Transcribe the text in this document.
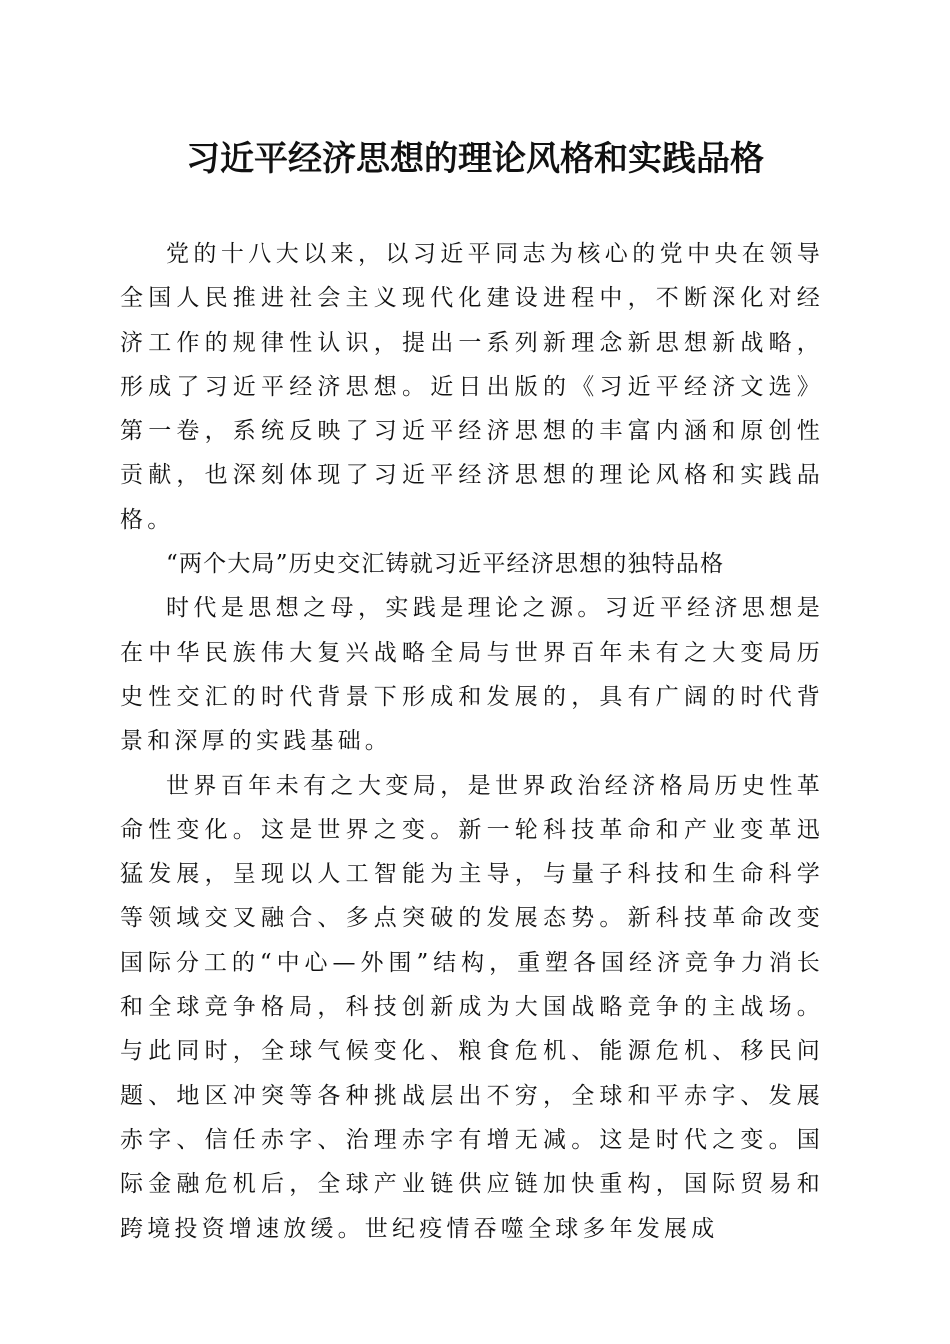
习近平经济思想的理论风格和实践品格

党的十八大以来，以习近平同志为核心的党中央在领导全国人民推进社会主义现代化建设进程中，不断深化对经济工作的规律性认识，提出一系列新理念新思想新战略，形成了习近平经济思想。近日出版的《习近平经济文选》第一卷，系统反映了习近平经济思想的丰富内涵和原创性贡献，也深刻体现了习近平经济思想的理论风格和实践品格。

“两个大局”历史交汇铸就习近平经济思想的独特品格

时代是思想之母，实践是理论之源。习近平经济思想是在中华民族伟大复兴战略全局与世界百年未有之大变局历史性交汇的时代背景下形成和发展的，具有广阔的时代背景和深厚的实践基础。

世界百年未有之大变局，是世界政治经济格局历史性革命性变化。这是世界之变。新一轮科技革命和产业变革迅猛发展，呈现以人工智能为主导，与量子科技和生命科学等领域交叉融合、多点突破的发展态势。新科技革命改变国际分工的“中心—外围”结构，重塑各国经济竞争力消长和全球竞争格局，科技创新成为大国战略竞争的主战场。与此同时，全球气候变化、粮食危机、能源危机、移民问题、地区冲突等各种挑战层出不穷，全球和平赤字、发展赤字、信任赤字、治理赤字有增无减。这是时代之变。国际金融危机后，全球产业链供应链加快重构，国际贸易和跨境投资增速放缓。世纪疫情吞噬全球多年发展成
